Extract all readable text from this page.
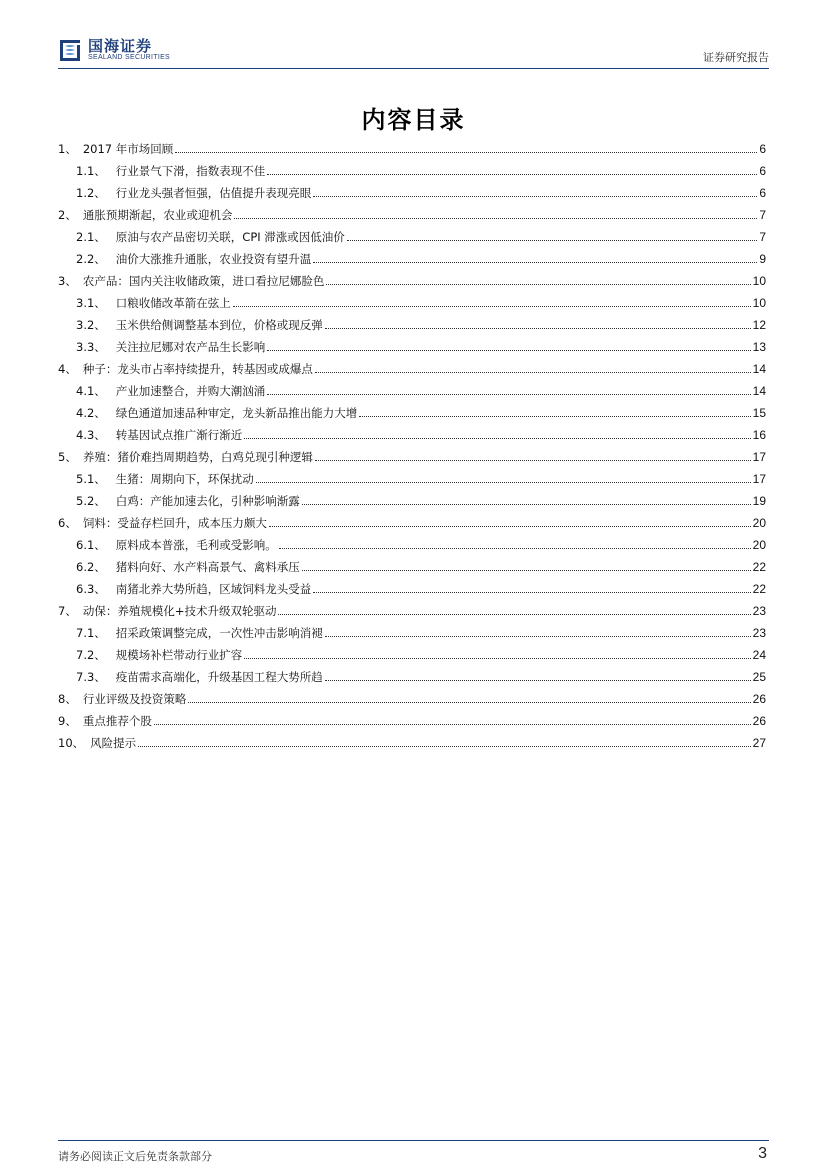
国海证券
SEALAND SECURITIES	证券研究报告
内容目录
1、 2017 年市场回顾	6
1.1、 行业景气下滑，指数表现不佳	6
1.2、 行业龙头强者恒强，估值提升表现亮眼	6
2、 通胀预期渐起，农业或迎机会	7
2.1、 原油与农产品密切关联，CPI 滞涨或因低油价	7
2.2、 油价大涨推升通胀，农业投资有望升温	9
3、 农产品：国内关注收储政策，进口看拉尼娜脸色	10
3.1、 口粮收储改革箭在弦上	10
3.2、 玉米供给侧调整基本到位，价格或现反弹	12
3.3、 关注拉尼娜对农产品生长影响	13
4、 种子：龙头市占率持续提升，转基因或成爆点	14
4.1、 产业加速整合，并购大潮汹涌	14
4.2、 绿色通道加速品种审定，龙头新品推出能力大增	15
4.3、 转基因试点推广渐行渐近	16
5、 养殖：猪价难挡周期趋势，白鸡兑现引种逻辑	17
5.1、 生猪：周期向下，环保扰动	17
5.2、 白鸡：产能加速去化，引种影响渐露	19
6、 饲料：受益存栏回升，成本压力颇大	20
6.1、 原料成本普涨，毛利或受影响。	20
6.2、 猪料向好、水产料高景气、禽料承压	22
6.3、 南猪北养大势所趋，区域饲料龙头受益	22
7、 动保：养殖规模化+技术升级双轮驱动	23
7.1、 招采政策调整完成，一次性冲击影响消褪	23
7.2、 规模场补栏带动行业扩容	24
7.3、 疫苗需求高端化，升级基因工程大势所趋	25
8、 行业评级及投资策略	26
9、 重点推荐个股	26
10、 风险提示	27
请务必阅读正文后免责条款部分	3
